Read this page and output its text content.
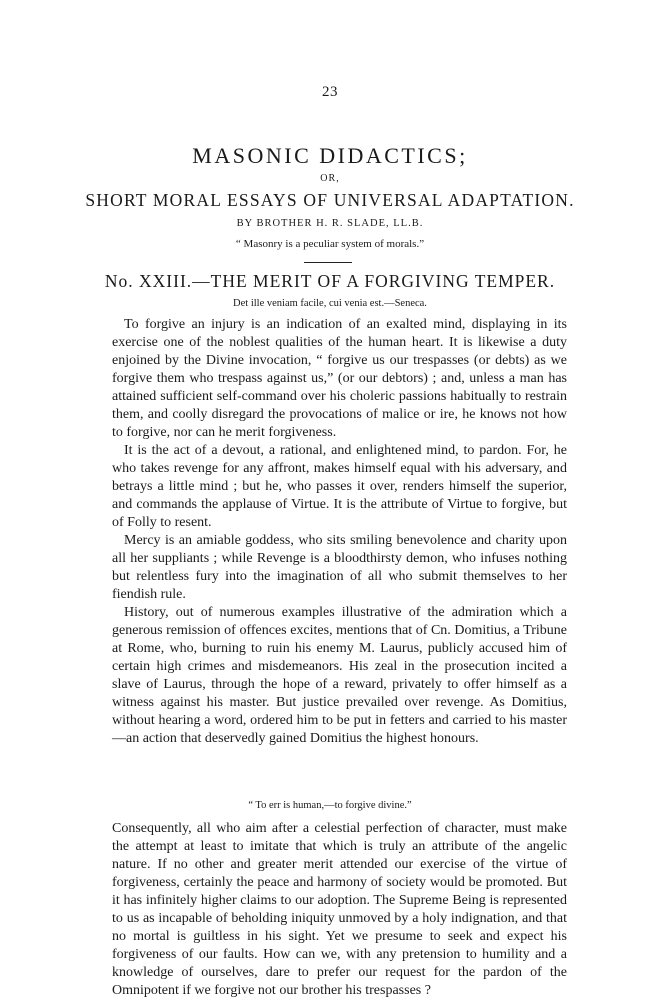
23
MASONIC DIDACTICS;
OR,
SHORT MORAL ESSAYS OF UNIVERSAL ADAPTATION.
BY BROTHER H. R. SLADE, LL.B.
“ Masonry is a peculiar system of morals.”
No. XXIII.—THE MERIT OF A FORGIVING TEMPER.
Det ille veniam facile, cui venia est.—Seneca.

To forgive an injury is an indication of an exalted mind, displaying in its exercise one of the noblest qualities of the human heart. It is likewise a duty enjoined by the Divine invocation, “ forgive us our trespasses (or debts) as we forgive them who trespass against us,” (or our debtors) ; and, unless a man has attained sufficient self-command over his choleric passions habitually to restrain them, and coolly disregard the provocations of malice or ire, he knows not how to forgive, nor can he merit forgiveness.

It is the act of a devout, a rational, and enlightened mind, to pardon. For, he who takes revenge for any affront, makes himself equal with his adversary, and betrays a little mind ; but he, who passes it over, renders himself the superior, and commands the applause of Virtue. It is the attribute of Virtue to forgive, but of Folly to resent.

Mercy is an amiable goddess, who sits smiling benevolence and charity upon all her suppliants ; while Revenge is a bloodthirsty demon, who infuses nothing but relentless fury into the imagination of all who submit themselves to her fiendish rule.

History, out of numerous examples illustrative of the admiration which a generous remission of offences excites, mentions that of Cn. Domitius, a Tribune at Rome, who, burning to ruin his enemy M. Laurus, publicly accused him of certain high crimes and misdemeanors. His zeal in the prosecution incited a slave of Laurus, through the hope of a reward, privately to offer himself as a witness against his master. But justice prevailed over revenge. As Domitius, without hearing a word, ordered him to be put in fetters and carried to his master—an action that deservedly gained Domitius the highest honours.

“ To err is human,—to forgive divine.”

Consequently, all who aim after a celestial perfection of character, must make the attempt at least to imitate that which is truly an attribute of the angelic nature. If no other and greater merit attended our exercise of the virtue of forgiveness, certainly the peace and harmony of society would be promoted. But it has infinitely higher claims to our adoption. The Supreme Being is represented to us as incapable of beholding iniquity unmoved by a holy indignation, and that no mortal is guiltless in his sight. Yet we presume to seek and expect his forgiveness of our faults. How can we, with any pretension to humility and a knowledge of ourselves, dare to prefer our request for the pardon of the Omnipotent if we forgive not our brother his trespasses ?
